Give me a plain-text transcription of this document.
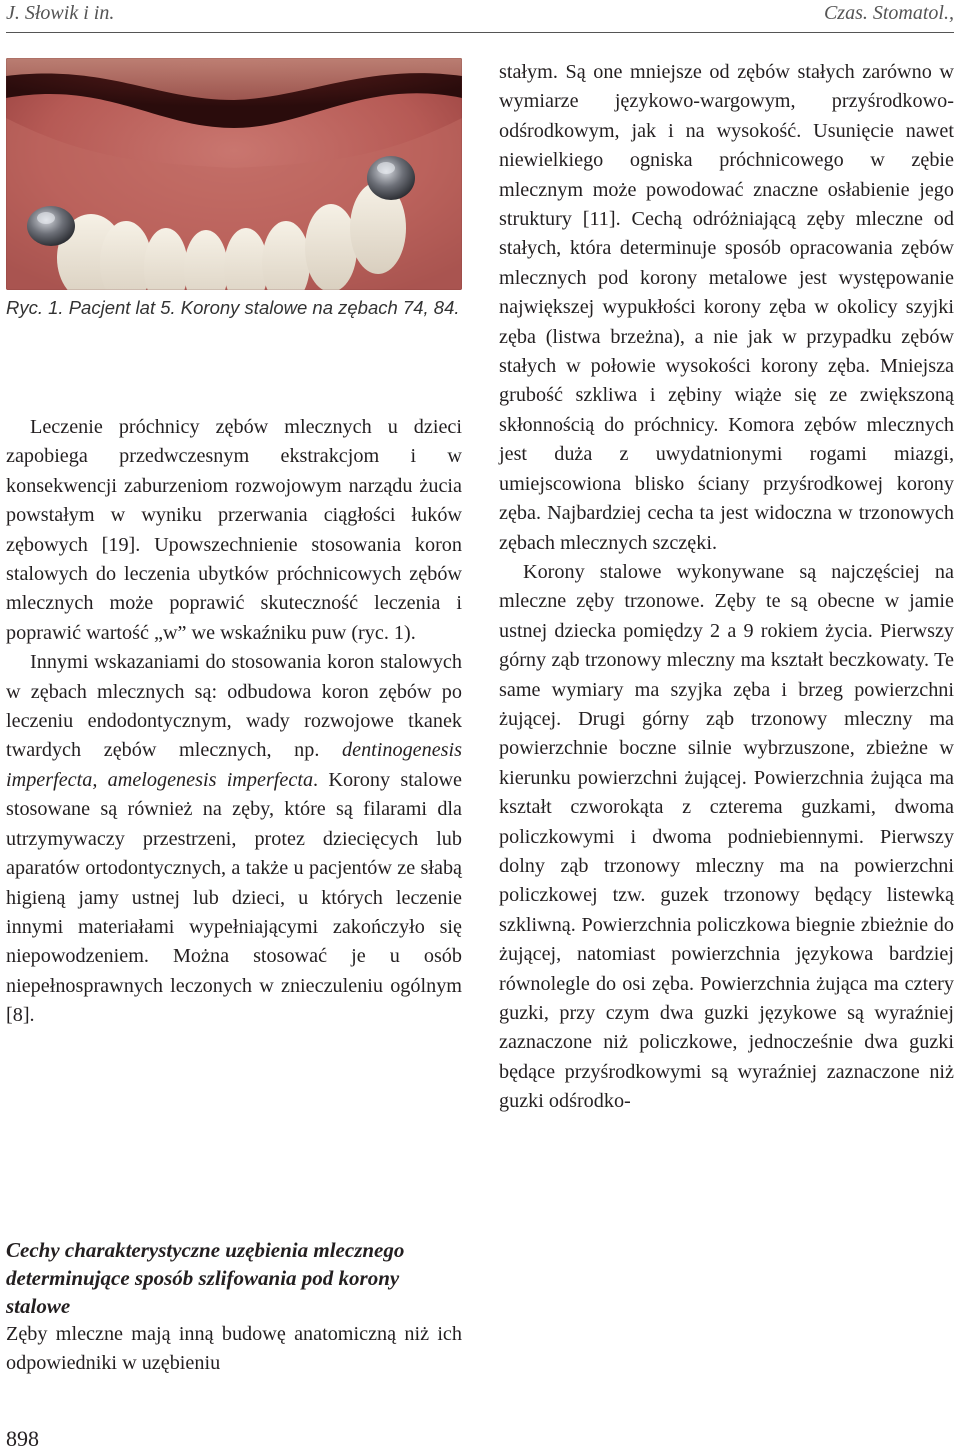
J. Słowik i in.	Czas. Stomatol.,
Ryc. 1. Pacjent lat 5. Korony stalowe na zębach 74, 84.

Leczenie próchnicy zębów mlecznych u dzieci zapobiega przedwczesnym ekstrakcjom i w konsekwencji zaburzeniom rozwojowym narządu żucia powstałym w wyniku przerwania ciągłości łuków zębowych [19]. Upowszechnienie stosowania koron stalowych do leczenia ubytków próchnicowych zębów mlecznych może poprawić skuteczność leczenia i poprawić wartość „w” we wskaźniku puw (ryc. 1).

Innymi wskazaniami do stosowania koron stalowych w zębach mlecznych są: odbudowa koron zębów po leczeniu endodontycznym, wady rozwojowe tkanek twardych zębów mlecznych, np. dentinogenesis imperfecta, amelogenesis imperfecta. Korony stalowe stosowane są również na zęby, które są filarami dla utrzymywaczy przestrzeni, protez dziecięcych lub aparatów ortodontycznych, a także u pacjentów ze słabą higieną jamy ustnej lub dzieci, u których leczenie innymi materiałami wypełniającymi zakończyło się niepowodzeniem. Można stosować je u osób niepełnosprawnych leczonych w znieczuleniu ogólnym [8].

Cechy charakterystyczne uzębienia mlecznego determinujące sposób szlifowania pod korony stalowe

Zęby mleczne mają inną budowę anatomiczną niż ich odpowiedniki w uzębieniu

stałym. Są one mniejsze od zębów stałych zarówno w wymiarze językowo-wargowym, przyśrodkowo-odśrodkowym, jak i na wysokość. Usunięcie nawet niewielkiego ogniska próchnicowego w zębie mlecznym może powodować znaczne osłabienie jego struktury [11]. Cechą odróżniającą zęby mleczne od stałych, która determinuje sposób opracowania zębów mlecznych pod korony metalowe jest występowanie największej wypukłości korony zęba w okolicy szyjki zęba (listwa brzeżna), a nie jak w przypadku zębów stałych w połowie wysokości korony zęba. Mniejsza grubość szkliwa i zębiny wiąże się ze zwiększoną skłonnością do próchnicy. Komora zębów mlecznych jest duża z uwydatnionymi rogami miazgi, umiejscowiona blisko ściany przyśrodkowej korony zęba. Najbardziej cecha ta jest widoczna w trzonowych zębach mlecznych szczęki.

Korony stalowe wykonywane są najczęściej na mleczne zęby trzonowe. Zęby te są obecne w jamie ustnej dziecka pomiędzy 2 a 9 rokiem życia. Pierwszy górny ząb trzonowy mleczny ma kształt beczkowaty. Te same wymiary ma szyjka zęba i brzeg powierzchni żującej. Drugi górny ząb trzonowy mleczny ma powierzchnie boczne silnie wybrzuszone, zbieżne w kierunku powierzchni żującej. Powierzchnia żująca ma kształt czworokąta z czterema guzkami, dwoma policzkowymi i dwoma podniebiennymi. Pierwszy dolny ząb trzonowy mleczny ma na powierzchni policzkowej tzw. guzek trzonowy będący listewką szkliwną. Powierzchnia policzkowa biegnie zbieżnie do żującej, natomiast powierzchnia językowa bardziej równolegle do osi zęba. Powierzchnia żująca ma cztery guzki, przy czym dwa guzki językowe są wyraźniej zaznaczone niż policzkowe, jednocześnie dwa guzki będące przyśrodkowymi są wyraźniej zaznaczone niż guzki odśrodko-

898
